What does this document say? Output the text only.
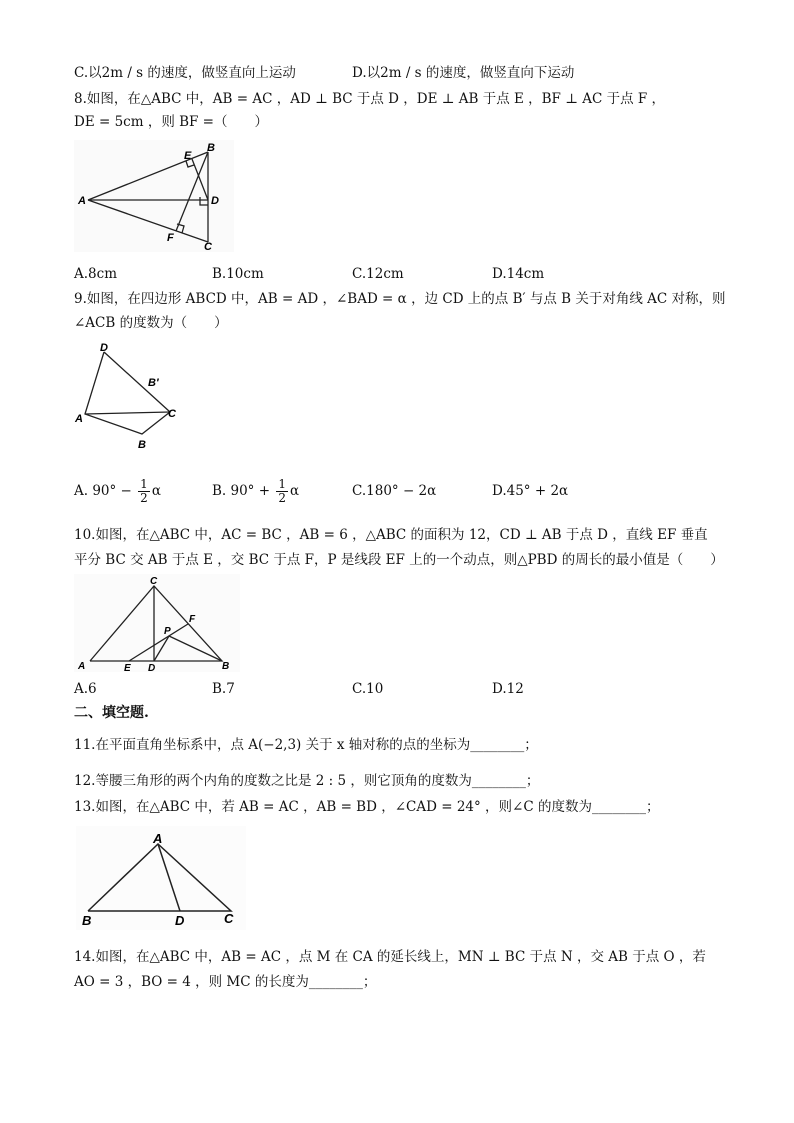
C.以2m / s 的速度，做竖直向上运动	D.以2m / s 的速度，做竖直向下运动
8.如图，在△ABC 中，AB = AC ，AD ⊥ BC 于点 D ，DE ⊥ AB 于点 E ，BF ⊥ AC 于点 F ，
DE = 5cm ，则 BF =（　　）
E
B
A	D
F
C
A.8cm	B.10cm	C.12cm	D.14cm
9.如图，在四边形 ABCD 中，AB = AD ，∠BAD = α ，边 CD 上的点 B′ 与点 B 关于对角线 AC 对称，则
∠ACB 的度数为（　　）
D
B′
A	C
B
A. $90^\circ - \frac{1}{2}$ α	B. $90^\circ + \frac{1}{2}$ α	C.180° − 2α	D.45° + 2α
10.如图，在△ABC 中，AC = BC ，AB = 6 ，△ABC 的面积为 12，CD ⊥ AB 于点 D ，直线 EF 垂直
平分 BC 交 AB 于点 E ，交 BC 于点 F，P 是线段 EF 上的一个动点，则△PBD 的周长的最小值是（　　）
C
P
F
A	E D	B
A.6	B.7	C.10	D.12
二、填空题.
11.在平面直角坐标系中，点 A(−2,3) 关于 x 轴对称的点的坐标为________；
12.等腰三角形的两个内角的度数之比是 2 : 5 ，则它顶角的度数为________；
13.如图，在△ABC 中，若 AB = AC ，AB = BD ，∠CAD = 24° ，则∠C 的度数为________；
A
B	D	C
14.如图，在△ABC 中，AB = AC ，点 M 在 CA 的延长线上，MN ⊥ BC 于点 N ，交 AB 于点 O ，若
AO = 3 ，BO = 4 ，则 MC 的长度为________；
